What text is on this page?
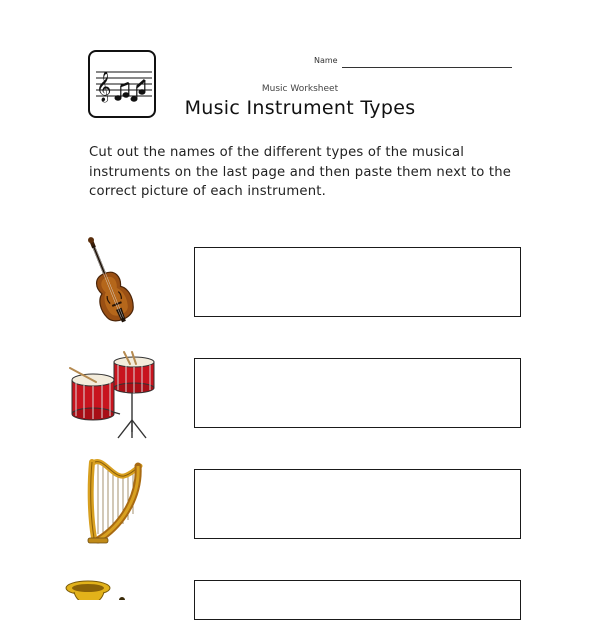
𝄞
Name
Music Worksheet
Music Instrument Types
Cut out the names of the different types of the musical instruments on the last page and then paste them next to the correct picture of each instrument.
